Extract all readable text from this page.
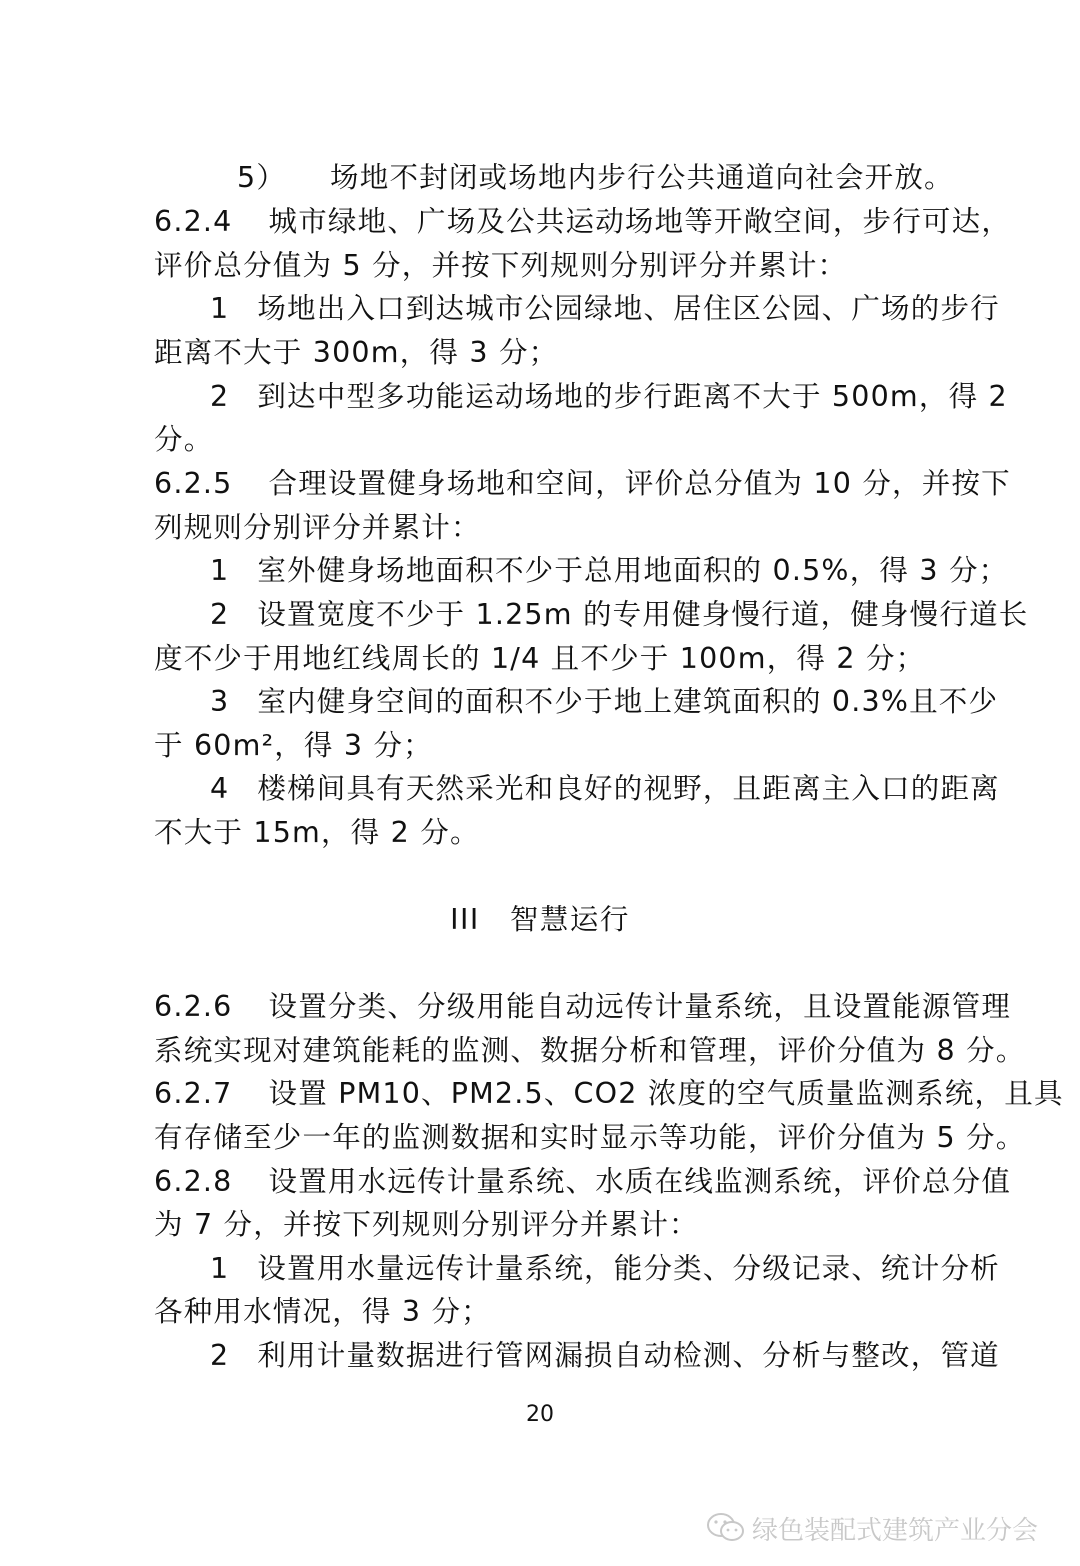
5） 场地不封闭或场地内步行公共通道向社会开放。
6.2.4 城市绿地、广场及公共运动场地等开敞空间，步行可达，
评价总分值为 5 分，并按下列规则分别评分并累计：
1 场地出入口到达城市公园绿地、居住区公园、广场的步行
距离不大于 300m，得 3 分；
2 到达中型多功能运动场地的步行距离不大于 500m，得 2
分。
6.2.5 合理设置健身场地和空间，评价总分值为 10 分，并按下
列规则分别评分并累计：
1 室外健身场地面积不少于总用地面积的 0.5%，得 3 分；
2 设置宽度不少于 1.25m 的专用健身慢行道，健身慢行道长
度不少于用地红线周长的 1/4 且不少于 100m，得 2 分；
3 室内健身空间的面积不少于地上建筑面积的 0.3%且不少
于 60m²，得 3 分；
4 楼梯间具有天然采光和良好的视野，且距离主入口的距离
不大于 15m，得 2 分。
III 智慧运行
6.2.6 设置分类、分级用能自动远传计量系统，且设置能源管理
系统实现对建筑能耗的监测、数据分析和管理，评价分值为 8 分。
6.2.7 设置 PM10、PM2.5、CO2 浓度的空气质量监测系统，且具
有存储至少一年的监测数据和实时显示等功能，评价分值为 5 分。
6.2.8 设置用水远传计量系统、水质在线监测系统，评价总分值
为 7 分，并按下列规则分别评分并累计：
1 设置用水量远传计量系统，能分类、分级记录、统计分析
各种用水情况，得 3 分；
2 利用计量数据进行管网漏损自动检测、分析与整改，管道
20
绿色装配式建筑产业分会
